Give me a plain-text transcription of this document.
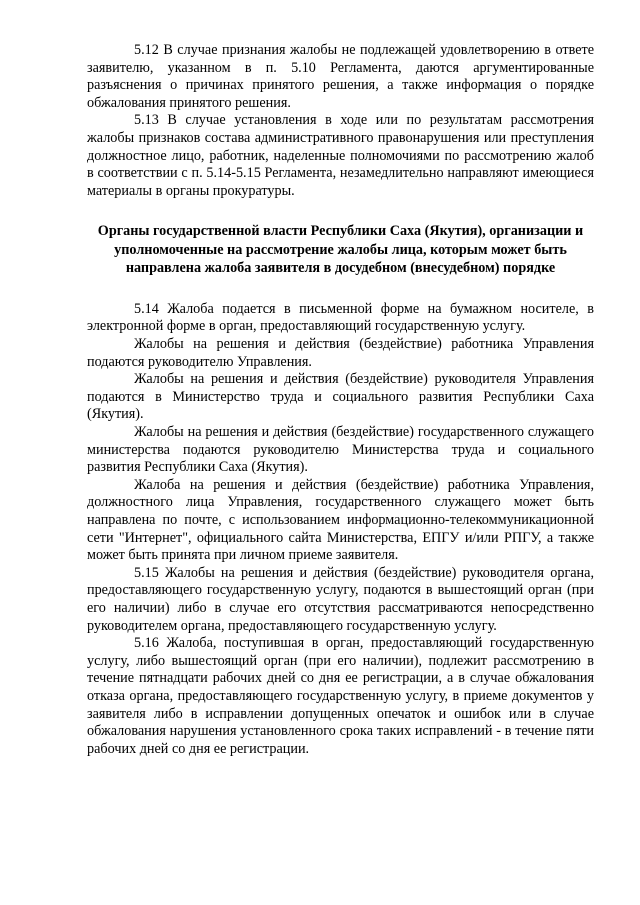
5.12 В случае признания жалобы не подлежащей удовлетворению в ответе заявителю, указанном в п. 5.10 Регламента, даются аргументированные разъяснения о причинах принятого решения, а также информация о порядке обжалования принятого решения.

5.13 В случае установления в ходе или по результатам рассмотрения жалобы признаков состава административного правонарушения или преступления должностное лицо, работник, наделенные полномочиями по рассмотрению жалоб в соответствии с п. 5.14-5.15 Регламента, незамедлительно направляют имеющиеся материалы в органы прокуратуры.

Органы государственной власти Республики Саха (Якутия), организации и уполномоченные на рассмотрение жалобы лица, которым может быть направлена жалоба заявителя в досудебном (внесудебном) порядке

5.14 Жалоба подается в письменной форме на бумажном носителе, в электронной форме в орган, предоставляющий государственную услугу.

Жалобы на решения и действия (бездействие) работника Управления подаются руководителю Управления.

Жалобы на решения и действия (бездействие) руководителя Управления подаются в Министерство труда и социального развития Республики Саха (Якутия).

Жалобы на решения и действия (бездействие) государственного служащего министерства подаются руководителю Министерства труда и социального развития Республики Саха (Якутия).

Жалоба на решения и действия (бездействие) работника Управления, должностного лица Управления, государственного служащего может быть направлена по почте, с использованием информационно-телекоммуникационной сети "Интернет", официального сайта Министерства, ЕПГУ и/или РПГУ, а также может быть принята при личном приеме заявителя.

5.15 Жалобы на решения и действия (бездействие) руководителя органа, предоставляющего государственную услугу, подаются в вышестоящий орган (при его наличии) либо в случае его отсутствия рассматриваются непосредственно руководителем органа, предоставляющего государственную услугу.

5.16 Жалоба, поступившая в орган, предоставляющий государственную услугу, либо вышестоящий орган (при его наличии), подлежит рассмотрению в течение пятнадцати рабочих дней со дня ее регистрации, а в случае обжалования отказа органа, предоставляющего государственную услугу, в приеме документов у заявителя либо в исправлении допущенных опечаток и ошибок или в случае обжалования нарушения установленного срока таких исправлений - в течение пяти рабочих дней со дня ее регистрации.
